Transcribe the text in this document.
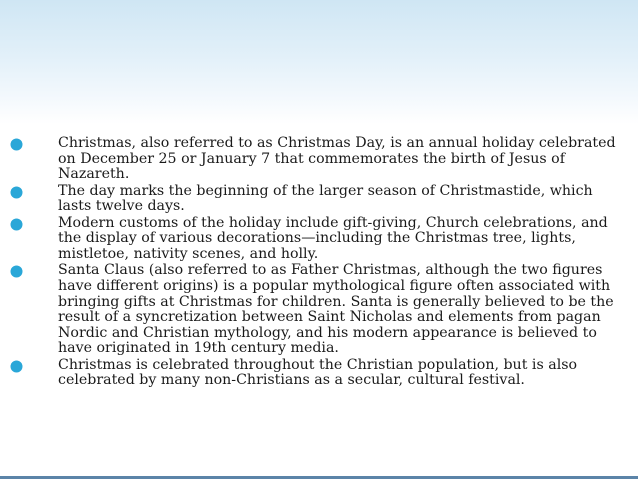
Christmas, also referred to as Christmas Day, is an annual holiday celebrated on December 25 or January 7 that commemorates the birth of Jesus of Nazareth.
The day marks the beginning of the larger season of Christmastide, which lasts twelve days.
Modern customs of the holiday include gift-giving, Church celebrations, and the display of various decorations—including the Christmas tree, lights, mistletoe, nativity scenes, and holly.
Santa Claus (also referred to as Father Christmas, although the two figures have different origins) is a popular mythological figure often associated with bringing gifts at Christmas for children. Santa is generally believed to be the result of a syncretization between Saint Nicholas and elements from pagan Nordic and Christian mythology, and his modern appearance is believed to have originated in 19th century media.
Christmas is celebrated throughout the Christian population, but is also celebrated by many non-Christians as a secular, cultural festival.
